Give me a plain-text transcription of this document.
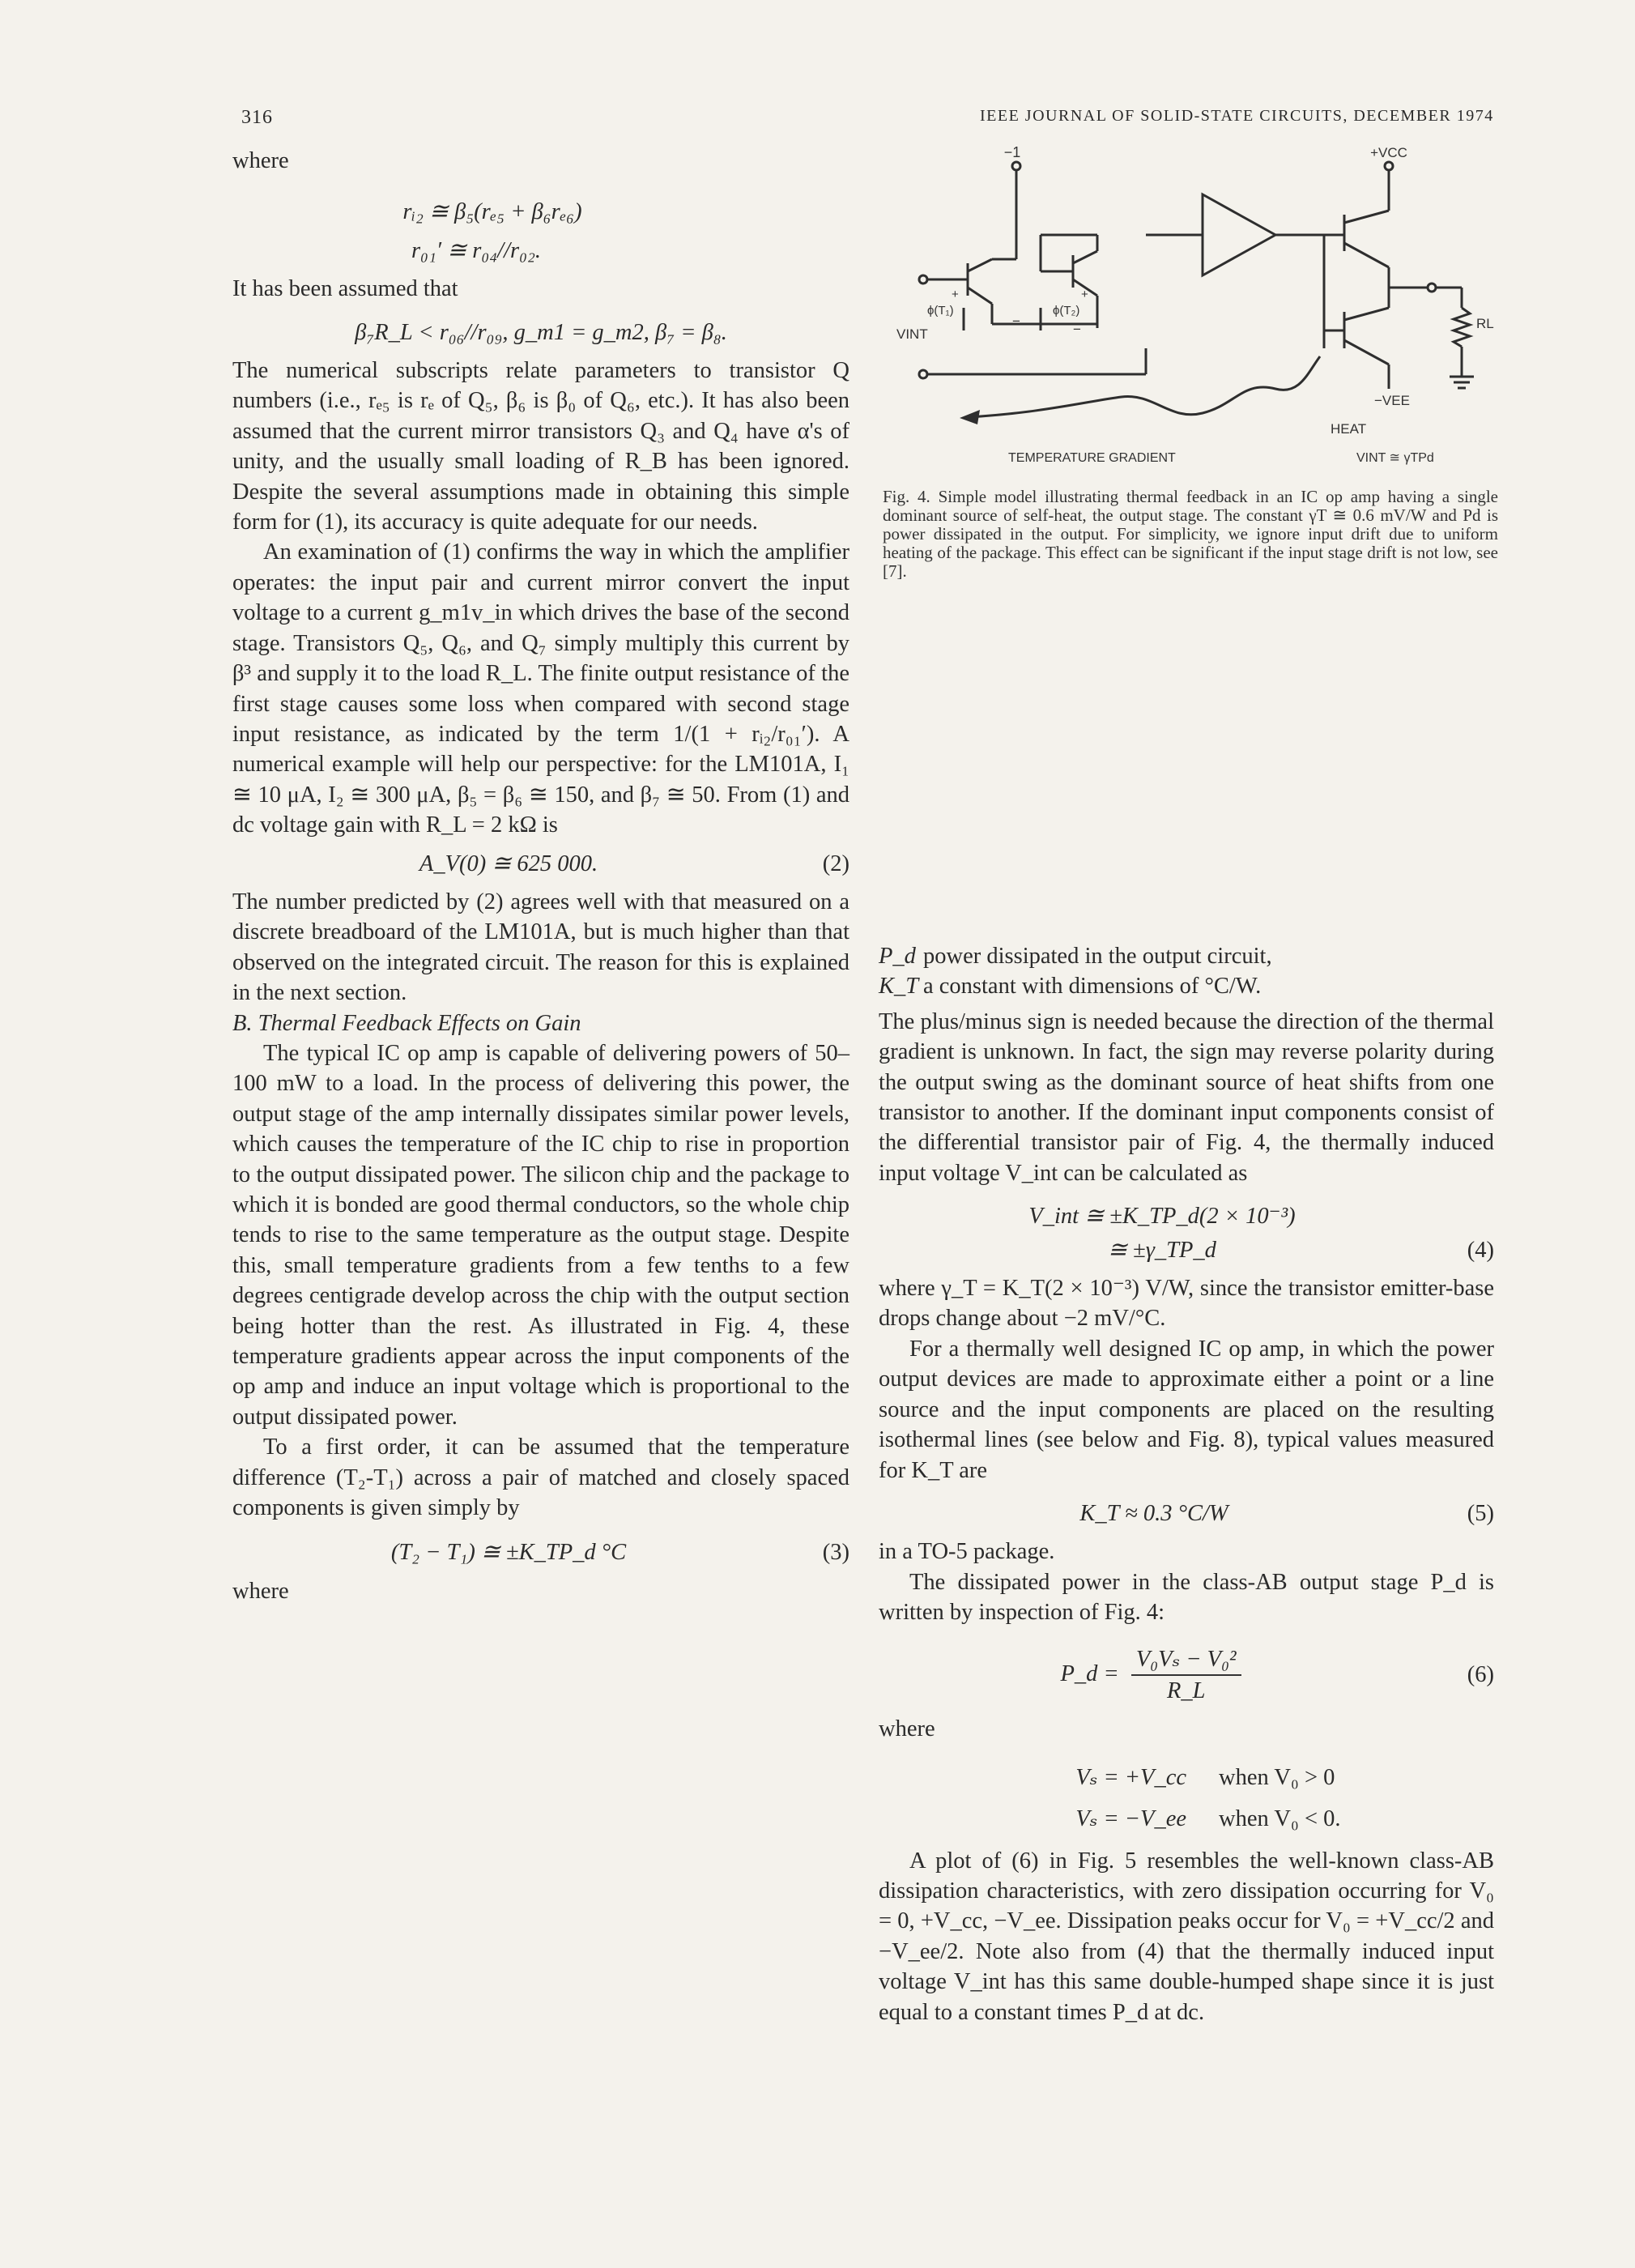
316	IEEE JOURNAL OF SOLID-STATE CIRCUITS, DECEMBER 1974

where

rᵢ₂ ≅ β₅(rₑ₅ + β₆rₑ₆)
r₀₁′ ≅ r₀₄//r₀₂.

It has been assumed that

β₇R_L < r₀₆//r₀₉, g_m1 = g_m2, β₇ = β₈.

The numerical subscripts relate parameters to transistor Q numbers (i.e., rₑ₅ is rₑ of Q₅, β₆ is β₀ of Q₆, etc.). It has also been assumed that the current mirror transistors Q₃ and Q₄ have α's of unity, and the usually small loading of R_B has been ignored. Despite the several assumptions made in obtaining this simple form for (1), its accuracy is quite adequate for our needs.

An examination of (1) confirms the way in which the amplifier operates: the input pair and current mirror convert the input voltage to a current g_m1v_in which drives the base of the second stage. Transistors Q₅, Q₆, and Q₇ simply multiply this current by β³ and supply it to the load R_L. The finite output resistance of the first stage causes some loss when compared with second stage input resistance, as indicated by the term 1/(1 + rᵢ₂/r₀₁′). A numerical example will help our perspective: for the LM101A, I₁ ≅ 10 μA, I₂ ≅ 300 μA, β₅ = β₆ ≅ 150, and β₇ ≅ 50. From (1) and dc voltage gain with R_L = 2 kΩ is

A_V(0) ≅ 625 000.	(2)

The number predicted by (2) agrees well with that measured on a discrete breadboard of the LM101A, but is much higher than that observed on the integrated circuit. The reason for this is explained in the next section.

B. Thermal Feedback Effects on Gain

The typical IC op amp is capable of delivering powers of 50–100 mW to a load. In the process of delivering this power, the output stage of the amp internally dissipates similar power levels, which causes the temperature of the IC chip to rise in proportion to the output dissipated power. The silicon chip and the package to which it is bonded are good thermal conductors, so the whole chip tends to rise to the same temperature as the output stage. Despite this, small temperature gradients from a few tenths to a few degrees centigrade develop across the chip with the output section being hotter than the rest. As illustrated in Fig. 4, these temperature gradients appear across the input components of the op amp and induce an input voltage which is proportional to the output dissipated power.

To a first order, it can be assumed that the temperature difference (T₂-T₁) across a pair of matched and closely spaced components is given simply by

(T₂ − T₁) ≅ ±K_TP_d °C	(3)

where

−1	+VCC
VINT
ϕ(T₁)	ϕ(T₂)
+	+
−
−	RL
−VEE
HEAT
TEMPERATURE GRADIENT	VINT ≅ γTPd
Fig. 4. Simple model illustrating thermal feedback in an IC op amp having a single dominant source of self-heat, the output stage. The constant γT ≅ 0.6 mV/W and Pd is power dissipated in the output. For simplicity, we ignore input drift due to uniform heating of the package. This effect can be significant if the input stage drift is not low, see [7].
P_d power dissipated in the output circuit,
K_T a constant with dimensions of °C/W.

The plus/minus sign is needed because the direction of the thermal gradient is unknown. In fact, the sign may reverse polarity during the output swing as the dominant source of heat shifts from one transistor to another. If the dominant input components consist of the differential transistor pair of Fig. 4, the thermally induced input voltage V_int can be calculated as

V_int ≅ ±K_TP_d(2 × 10⁻³)
≅ ±γ_TP_d	(4)

where γ_T = K_T(2 × 10⁻³) V/W, since the transistor emitter-base drops change about −2 mV/°C.

For a thermally well designed IC op amp, in which the power output devices are made to approximate either a point or a line source and the input components are placed on the resulting isothermal lines (see below and Fig. 8), typical values measured for K_T are

K_T ≈ 0.3 °C/W	(5)

in a TO-5 package.

The dissipated power in the class-AB output stage P_d is written by inspection of Fig. 4:

P_d = $\frac{\text{V₀Vₛ − V₀²}}{R\_L}$	(6)

where

Vₛ = +V_cc	when V₀ > 0
Vₛ = −V_ee	when V₀ < 0.

A plot of (6) in Fig. 5 resembles the well-known class-AB dissipation characteristics, with zero dissipation occurring for V₀ = 0, +V_cc, −V_ee. Dissipation peaks occur for V₀ = +V_cc/2 and −V_ee/2. Note also from (4) that the thermally induced input voltage V_int has this same double-humped shape since it is just equal to a constant times P_d at dc.
